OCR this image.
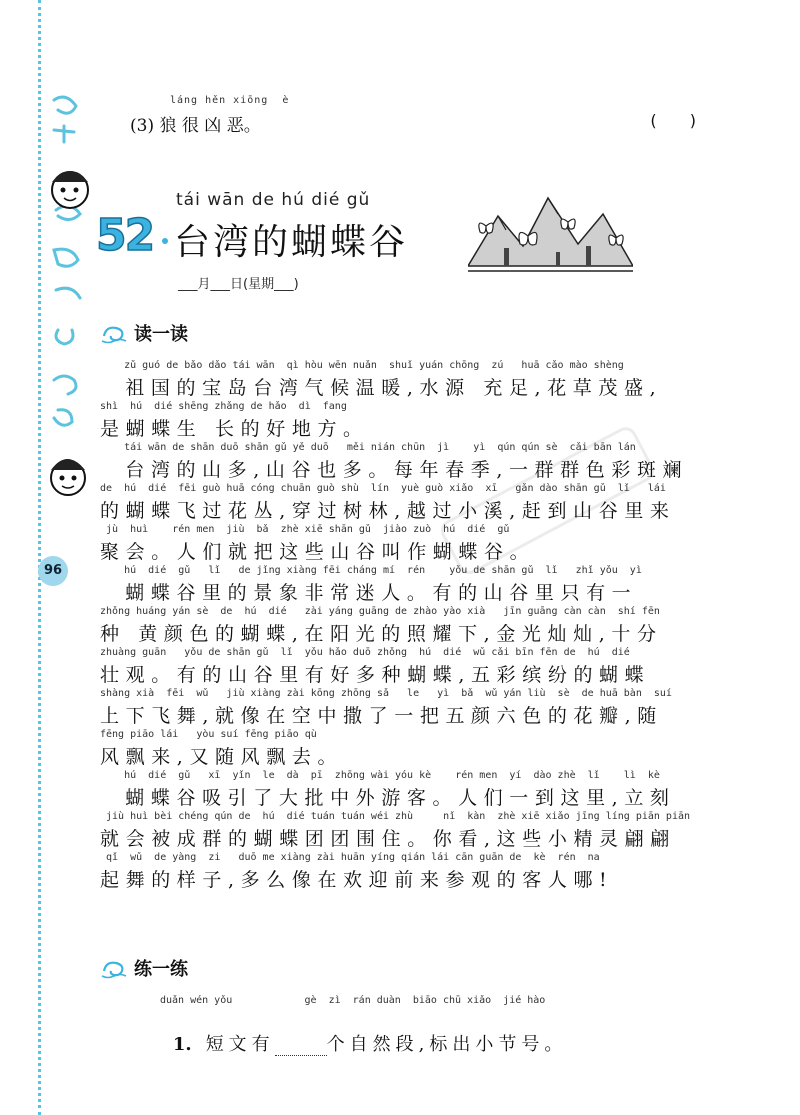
96
láng hěn xiōng  è
(3) 狼 很 凶 恶。	( )
tái wān de hú dié gǔ
52 台湾的蝴蝶谷
___月___日(星期___)
读一读
zǔ guó de bǎo dǎo tái wān  qì hòu wēn nuǎn  shuǐ yuán chōng  zú   huā cǎo mào shèng
祖国的宝岛台湾气候温暖,水源 充足,花草茂盛,
shì  hú  dié shēng zhǎng de hǎo  dì  fang
是蝴蝶生 长的好地方。
tái wān de shān duō shān gǔ yě duō   měi nián chūn  jì    yì  qún qún sè  cǎi bān lán
台湾的山多,山谷也多。每年春季,一群群色彩斑斓
de  hú  dié  fēi guò huā cóng chuān guò shù  lín  yuè guò xiǎo  xī   gǎn dào shān gǔ  lǐ   lái
的蝴蝶飞过花丛,穿过树林,越过小溪,赶到山谷里来
jù  huì    rén men  jiù  bǎ  zhè xiē shān gǔ  jiào zuò  hú  dié  gǔ
聚会。人们就把这些山谷叫作蝴蝶谷。
hú  dié  gǔ   lǐ   de jǐng xiàng fēi cháng mí  rén    yǒu de shān gǔ  lǐ   zhǐ yǒu  yì
蝴蝶谷里的景象非常迷人。有的山谷里只有一
zhǒng huáng yán sè  de  hú  dié   zài yáng guāng de zhào yào xià   jīn guāng càn càn  shí fēn
种 黄颜色的蝴蝶,在阳光的照耀下,金光灿灿,十分
zhuàng guān   yǒu de shān gǔ  lǐ  yǒu hǎo duō zhǒng  hú  dié  wǔ cǎi bīn fēn de  hú  dié
壮观。有的山谷里有好多种蝴蝶,五彩缤纷的蝴蝶
shàng xià  fēi  wǔ   jiù xiàng zài kōng zhōng sǎ   le   yì  bǎ  wǔ yán liù  sè  de huā bàn  suí
上下飞舞,就像在空中撒了一把五颜六色的花瓣,随
fēng piāo lái   yòu suí fēng piāo qù
风飘来,又随风飘去。
hú  dié  gǔ   xī  yǐn  le  dà  pī  zhōng wài yóu kè    rén men  yí  dào zhè  lǐ    lì  kè
蝴蝶谷吸引了大批中外游客。人们一到这里,立刻
jiù huì bèi chéng qún de  hú  dié tuán tuán wéi zhù     nǐ  kàn  zhè xiē xiǎo jīng líng piān piān
就会被成群的蝴蝶团团围住。你看,这些小精灵翩翩
qǐ  wǔ  de yàng  zi   duō me xiàng zài huān yíng qián lái cān guān de  kè  rén  na
起舞的样子,多么像在欢迎前来参观的客人哪!
练一练
duǎn wén yǒu            gè  zì  rán duàn  biāo chū xiǎo  jié hào

1. 短文有	个自然段,标出小节号。
